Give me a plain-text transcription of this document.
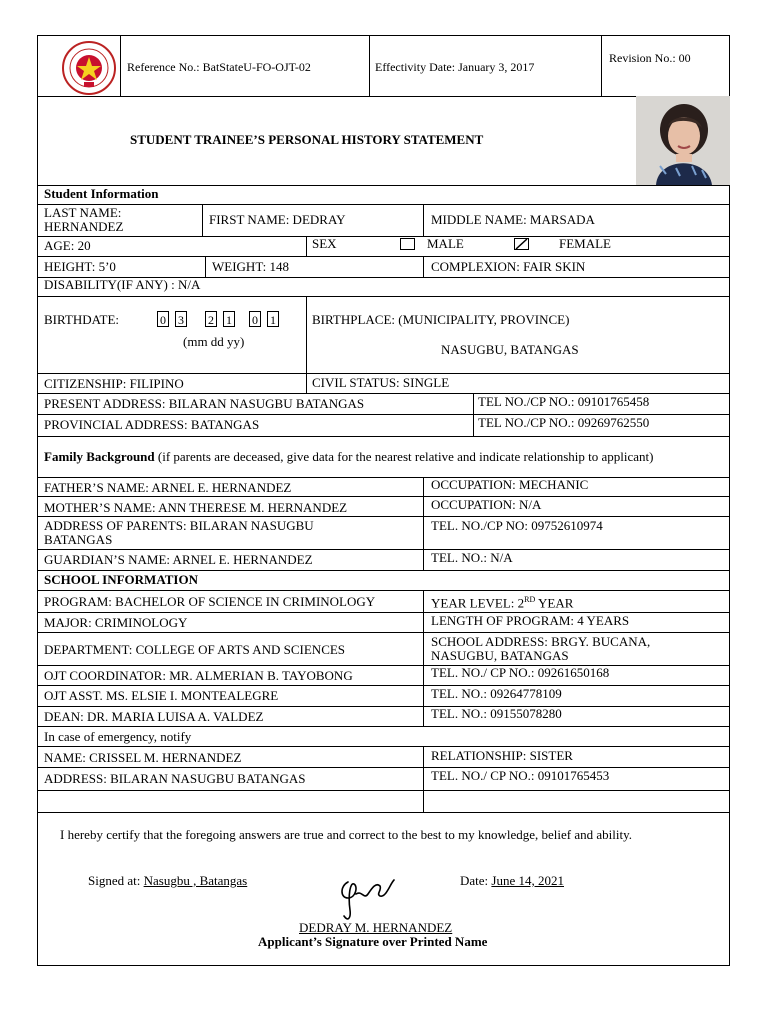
Reference No.: BatStateU-FO-OJT-02	Effectivity Date: January 3, 2017
Revision No.: 00
STUDENT TRAINEE’S PERSONAL HISTORY STATEMENT
Student Information
LAST NAME: HERNANDEZ	FIRST NAME: DEDRAY	MIDDLE NAME: MARSADA
AGE: 20	SEX	MALE	FEMALE
HEIGHT: 5’0	WEIGHT: 148	COMPLEXION: FAIR SKIN
DISABILITY(IF ANY) : N/A
BIRTHDATE:	0 3 2 1 0 1
(mm dd yy)
BIRTHPLACE: (MUNICIPALITY, PROVINCE)
NASUGBU, BATANGAS
CITIZENSHIP: FILIPINO	CIVIL STATUS: SINGLE
PRESENT ADDRESS: BILARAN NASUGBU BATANGAS	TEL NO./CP NO.: 09101765458
PROVINCIAL ADDRESS: BATANGAS	TEL NO./CP NO.: 09269762550
Family Background (if parents are deceased, give data for the nearest relative and indicate relationship to applicant)
FATHER’S NAME: ARNEL E. HERNANDEZ	OCCUPATION: MECHANIC
MOTHER’S NAME: ANN THERESE M. HERNANDEZ	OCCUPATION: N/A
ADDRESS OF PARENTS: BILARAN NASUGBU BATANGAS
TEL. NO./CP NO: 09752610974
GUARDIAN’S NAME: ARNEL E. HERNANDEZ	TEL. NO.: N/A
SCHOOL INFORMATION
PROGRAM: BACHELOR OF SCIENCE IN CRIMINOLOGY	YEAR LEVEL: 2RD YEAR
MAJOR: CRIMINOLOGY	LENGTH OF PROGRAM: 4 YEARS
DEPARTMENT: COLLEGE OF ARTS AND SCIENCES
SCHOOL ADDRESS: BRGY. BUCANA, NASUGBU, BATANGAS
OJT COORDINATOR: MR. ALMERIAN B. TAYOBONG	TEL. NO./ CP NO.: 09261650168
OJT ASST. MS. ELSIE I. MONTEALEGRE	TEL. NO.: 09264778109
DEAN: DR. MARIA LUISA A. VALDEZ	TEL. NO.: 09155078280
In case of emergency, notify
NAME: CRISSEL M. HERNANDEZ	RELATIONSHIP: SISTER
ADDRESS: BILARAN NASUGBU BATANGAS	TEL. NO./ CP NO.: 09101765453
I hereby certify that the foregoing answers are true and correct to the best to my knowledge, belief and ability.
Signed at: Nasugbu , Batangas	Date: June 14, 2021
DEDRAY M. HERNANDEZ
Applicant’s Signature over Printed Name
